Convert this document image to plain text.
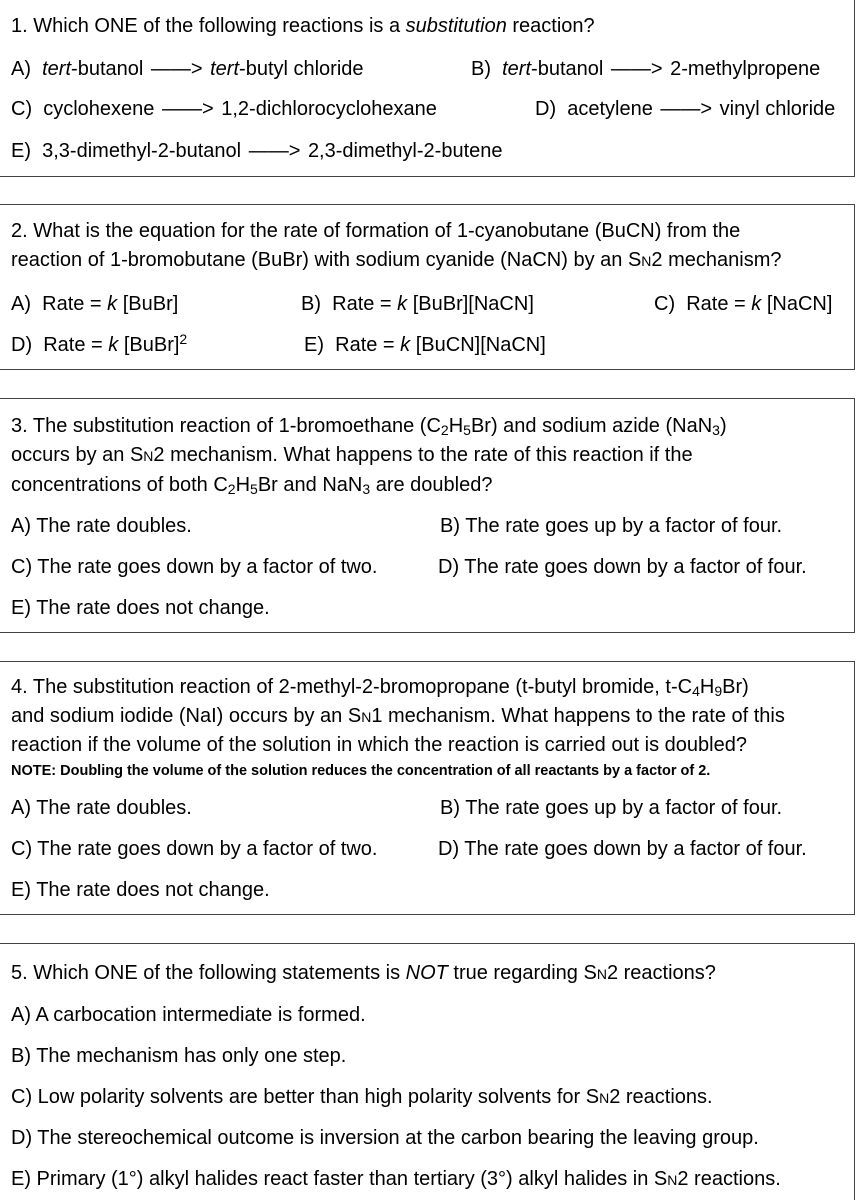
1. Which ONE of the following reactions is a substitution reaction?
A) tert-butanol ——> tert-butyl chloride	B) tert-butanol ——> 2-methylpropene
C) cyclohexene ——> 1,2-dichlorocyclohexane	D) acetylene ——> vinyl chloride
E) 3,3-dimethyl-2-butanol ——> 2,3-dimethyl-2-butene
2. What is the equation for the rate of formation of 1-cyanobutane (BuCN) from the
reaction of 1-bromobutane (BuBr) with sodium cyanide (NaCN) by an SN2 mechanism?
A) Rate = k [BuBr]	B) Rate = k [BuBr][NaCN]	C) Rate = k [NaCN]
D) Rate = k [BuBr]$^2$	E) Rate = k [BuCN][NaCN]
3. The substitution reaction of 1-bromoethane $(C_2H_5Br)$ and sodium azide (NaN$_3$)
occurs by an SN2 mechanism. What happens to the rate of this reaction if the
concentrations of both $C_2H_5Br$ and NaN$_3$ are doubled?
A) The rate doubles.	B) The rate goes up by a factor of four.
C) The rate goes down by a factor of two.	D) The rate goes down by a factor of four.
E) The rate does not change.
4. The substitution reaction of 2-methyl-2-bromopropane (t-butyl bromide, $t-C_4H_9Br$)
and sodium iodide (NaI) occurs by an SN1 mechanism. What happens to the rate of this
reaction if the volume of the solution in which the reaction is carried out is doubled?
NOTE: Doubling the volume of the solution reduces the concentration of all reactants by a factor of 2.
A) The rate doubles.	B) The rate goes up by a factor of four.
C) The rate goes down by a factor of two.	D) The rate goes down by a factor of four.
E) The rate does not change.
5. Which ONE of the following statements is NOT true regarding SN2 reactions?
A) A carbocation intermediate is formed.
B) The mechanism has only one step.
C) Low polarity solvents are better than high polarity solvents for SN2 reactions.
D) The stereochemical outcome is inversion at the carbon bearing the leaving group.
E) Primary (1°) alkyl halides react faster than tertiary (3°) alkyl halides in SN2 reactions.
